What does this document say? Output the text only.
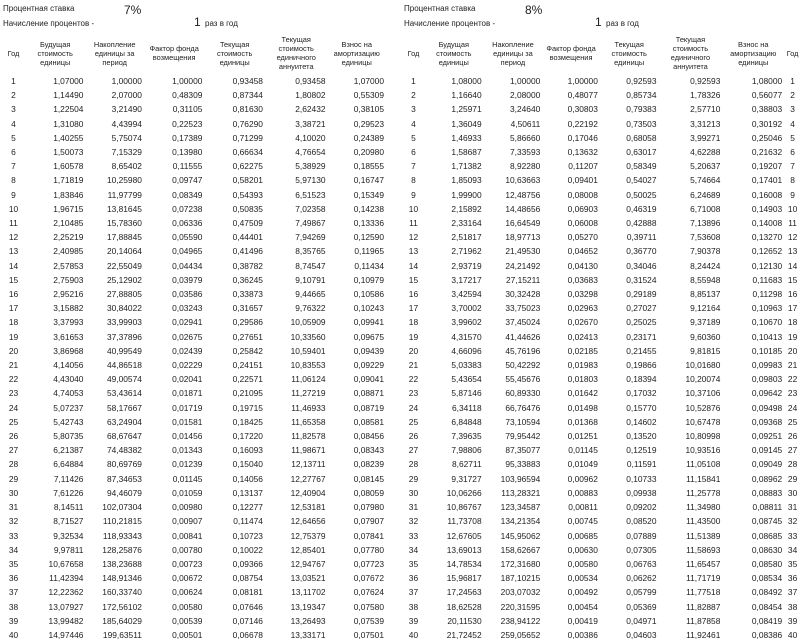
Процентная ставка	7%
Начисление процентов -	1 раз в год
Год	Будущая стоимость единицы	Накопление единицы за период	Фактор фонда возмещения	Текущая стоимость единицы	Текущая стоимость единичного аннуитета	Взнос на амортизацию единицы
1	1,07000	1,00000	1,00000	0,93458	0,93458	1,07000
2	1,14490	2,07000	0,48309	0,87344	1,80802	0,55309
3	1,22504	3,21490	0,31105	0,81630	2,62432	0,38105
4	1,31080	4,43994	0,22523	0,76290	3,38721	0,29523
5	1,40255	5,75074	0,17389	0,71299	4,10020	0,24389
6	1,50073	7,15329	0,13980	0,66634	4,76654	0,20980
7	1,60578	8,65402	0,11555	0,62275	5,38929	0,18555
8	1,71819	10,25980	0,09747	0,58201	5,97130	0,16747
9	1,83846	11,97799	0,08349	0,54393	6,51523	0,15349
10	1,96715	13,81645	0,07238	0,50835	7,02358	0,14238
11	2,10485	15,78360	0,06336	0,47509	7,49867	0,13336
12	2,25219	17,88845	0,05590	0,44401	7,94269	0,12590
13	2,40985	20,14064	0,04965	0,41496	8,35765	0,11965
14	2,57853	22,55049	0,04434	0,38782	8,74547	0,11434
15	2,75903	25,12902	0,03979	0,36245	9,10791	0,10979
16	2,95216	27,88805	0,03586	0,33873	9,44665	0,10586
17	3,15882	30,84022	0,03243	0,31657	9,76322	0,10243
18	3,37993	33,99903	0,02941	0,29586	10,05909	0,09941
19	3,61653	37,37896	0,02675	0,27651	10,33560	0,09675
20	3,86968	40,99549	0,02439	0,25842	10,59401	0,09439
21	4,14056	44,86518	0,02229	0,24151	10,83553	0,09229
22	4,43040	49,00574	0,02041	0,22571	11,06124	0,09041
23	4,74053	53,43614	0,01871	0,21095	11,27219	0,08871
24	5,07237	58,17667	0,01719	0,19715	11,46933	0,08719
25	5,42743	63,24904	0,01581	0,18425	11,65358	0,08581
26	5,80735	68,67647	0,01456	0,17220	11,82578	0,08456
27	6,21387	74,48382	0,01343	0,16093	11,98671	0,08343
28	6,64884	80,69769	0,01239	0,15040	12,13711	0,08239
29	7,11426	87,34653	0,01145	0,14056	12,27767	0,08145
30	7,61226	94,46079	0,01059	0,13137	12,40904	0,08059
31	8,14511	102,07304	0,00980	0,12277	12,53181	0,07980
32	8,71527	110,21815	0,00907	0,11474	12,64656	0,07907
33	9,32534	118,93343	0,00841	0,10723	12,75379	0,07841
34	9,97811	128,25876	0,00780	0,10022	12,85401	0,07780
35	10,67658	138,23688	0,00723	0,09366	12,94767	0,07723
36	11,42394	148,91346	0,00672	0,08754	13,03521	0,07672
37	12,22362	160,33740	0,00624	0,08181	13,11702	0,07624
38	13,07927	172,56102	0,00580	0,07646	13,19347	0,07580
39	13,99482	185,64029	0,00539	0,07146	13,26493	0,07539
40	14,97446	199,63511	0,00501	0,06678	13,33171	0,07501
Процентная ставка	8%
Начисление процентов -	1 раз в год
Год	Будущая стоимость единицы	Накопление единицы за период	Фактор фонда возмещения	Текущая стоимость единицы	Текущая стоимость единичного аннуитета	Взнос на амортизацию единицы	Год
1	1,08000	1,00000	1,00000	0,92593	0,92593	1,08000	1
2	1,16640	2,08000	0,48077	0,85734	1,78326	0,56077	2
3	1,25971	3,24640	0,30803	0,79383	2,57710	0,38803	3
4	1,36049	4,50611	0,22192	0,73503	3,31213	0,30192	4
5	1,46933	5,86660	0,17046	0,68058	3,99271	0,25046	5
6	1,58687	7,33593	0,13632	0,63017	4,62288	0,21632	6
7	1,71382	8,92280	0,11207	0,58349	5,20637	0,19207	7
8	1,85093	10,63663	0,09401	0,54027	5,74664	0,17401	8
9	1,99900	12,48756	0,08008	0,50025	6,24689	0,16008	9
10	2,15892	14,48656	0,06903	0,46319	6,71008	0,14903	10
11	2,33164	16,64549	0,06008	0,42888	7,13896	0,14008	11
12	2,51817	18,97713	0,05270	0,39711	7,53608	0,13270	12
13	2,71962	21,49530	0,04652	0,36770	7,90378	0,12652	13
14	2,93719	24,21492	0,04130	0,34046	8,24424	0,12130	14
15	3,17217	27,15211	0,03683	0,31524	8,55948	0,11683	15
16	3,42594	30,32428	0,03298	0,29189	8,85137	0,11298	16
17	3,70002	33,75023	0,02963	0,27027	9,12164	0,10963	17
18	3,99602	37,45024	0,02670	0,25025	9,37189	0,10670	18
19	4,31570	41,44626	0,02413	0,23171	9,60360	0,10413	19
20	4,66096	45,76196	0,02185	0,21455	9,81815	0,10185	20
21	5,03383	50,42292	0,01983	0,19866	10,01680	0,09983	21
22	5,43654	55,45676	0,01803	0,18394	10,20074	0,09803	22
23	5,87146	60,89330	0,01642	0,17032	10,37106	0,09642	23
24	6,34118	66,76476	0,01498	0,15770	10,52876	0,09498	24
25	6,84848	73,10594	0,01368	0,14602	10,67478	0,09368	25
26	7,39635	79,95442	0,01251	0,13520	10,80998	0,09251	26
27	7,98806	87,35077	0,01145	0,12519	10,93516	0,09145	27
28	8,62711	95,33883	0,01049	0,11591	11,05108	0,09049	28
29	9,31727	103,96594	0,00962	0,10733	11,15841	0,08962	29
30	10,06266	113,28321	0,00883	0,09938	11,25778	0,08883	30
31	10,86767	123,34587	0,00811	0,09202	11,34980	0,08811	31
32	11,73708	134,21354	0,00745	0,08520	11,43500	0,08745	32
33	12,67605	145,95062	0,00685	0,07889	11,51389	0,08685	33
34	13,69013	158,62667	0,00630	0,07305	11,58693	0,08630	34
35	14,78534	172,31680	0,00580	0,06763	11,65457	0,08580	35
36	15,96817	187,10215	0,00534	0,06262	11,71719	0,08534	36
37	17,24563	203,07032	0,00492	0,05799	11,77518	0,08492	37
38	18,62528	220,31595	0,00454	0,05369	11,82887	0,08454	38
39	20,11530	238,94122	0,00419	0,04971	11,87858	0,08419	39
40	21,72452	259,05652	0,00386	0,04603	11,92461	0,08386	40
